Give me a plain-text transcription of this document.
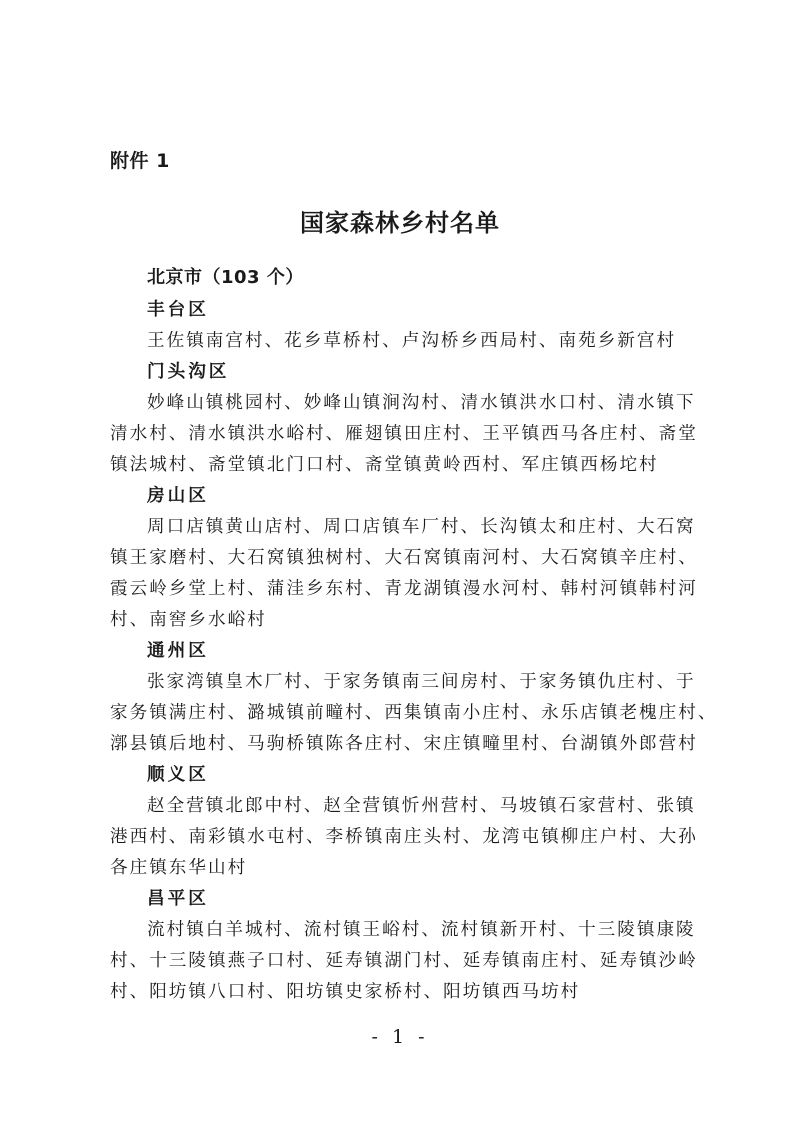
附件 1
国家森林乡村名单
北京市（103 个）
丰台区
王佐镇南宫村、花乡草桥村、卢沟桥乡西局村、南苑乡新宫村
门头沟区
妙峰山镇桃园村、妙峰山镇涧沟村、清水镇洪水口村、清水镇下
清水村、清水镇洪水峪村、雁翅镇田庄村、王平镇西马各庄村、斋堂
镇法城村、斋堂镇北门口村、斋堂镇黄岭西村、军庄镇西杨坨村
房山区
周口店镇黄山店村、周口店镇车厂村、长沟镇太和庄村、大石窝
镇王家磨村、大石窝镇独树村、大石窝镇南河村、大石窝镇辛庄村、
霞云岭乡堂上村、蒲洼乡东村、青龙湖镇漫水河村、韩村河镇韩村河
村、南窖乡水峪村
通州区
张家湾镇皇木厂村、于家务镇南三间房村、于家务镇仇庄村、于
家务镇满庄村、潞城镇前疃村、西集镇南小庄村、永乐店镇老槐庄村、
漷县镇后地村、马驹桥镇陈各庄村、宋庄镇疃里村、台湖镇外郎营村
顺义区
赵全营镇北郎中村、赵全营镇忻州营村、马坡镇石家营村、张镇
港西村、南彩镇水屯村、李桥镇南庄头村、龙湾屯镇柳庄户村、大孙
各庄镇东华山村
昌平区
流村镇白羊城村、流村镇王峪村、流村镇新开村、十三陵镇康陵
村、十三陵镇燕子口村、延寿镇湖门村、延寿镇南庄村、延寿镇沙岭
村、阳坊镇八口村、阳坊镇史家桥村、阳坊镇西马坊村
- 1 -
